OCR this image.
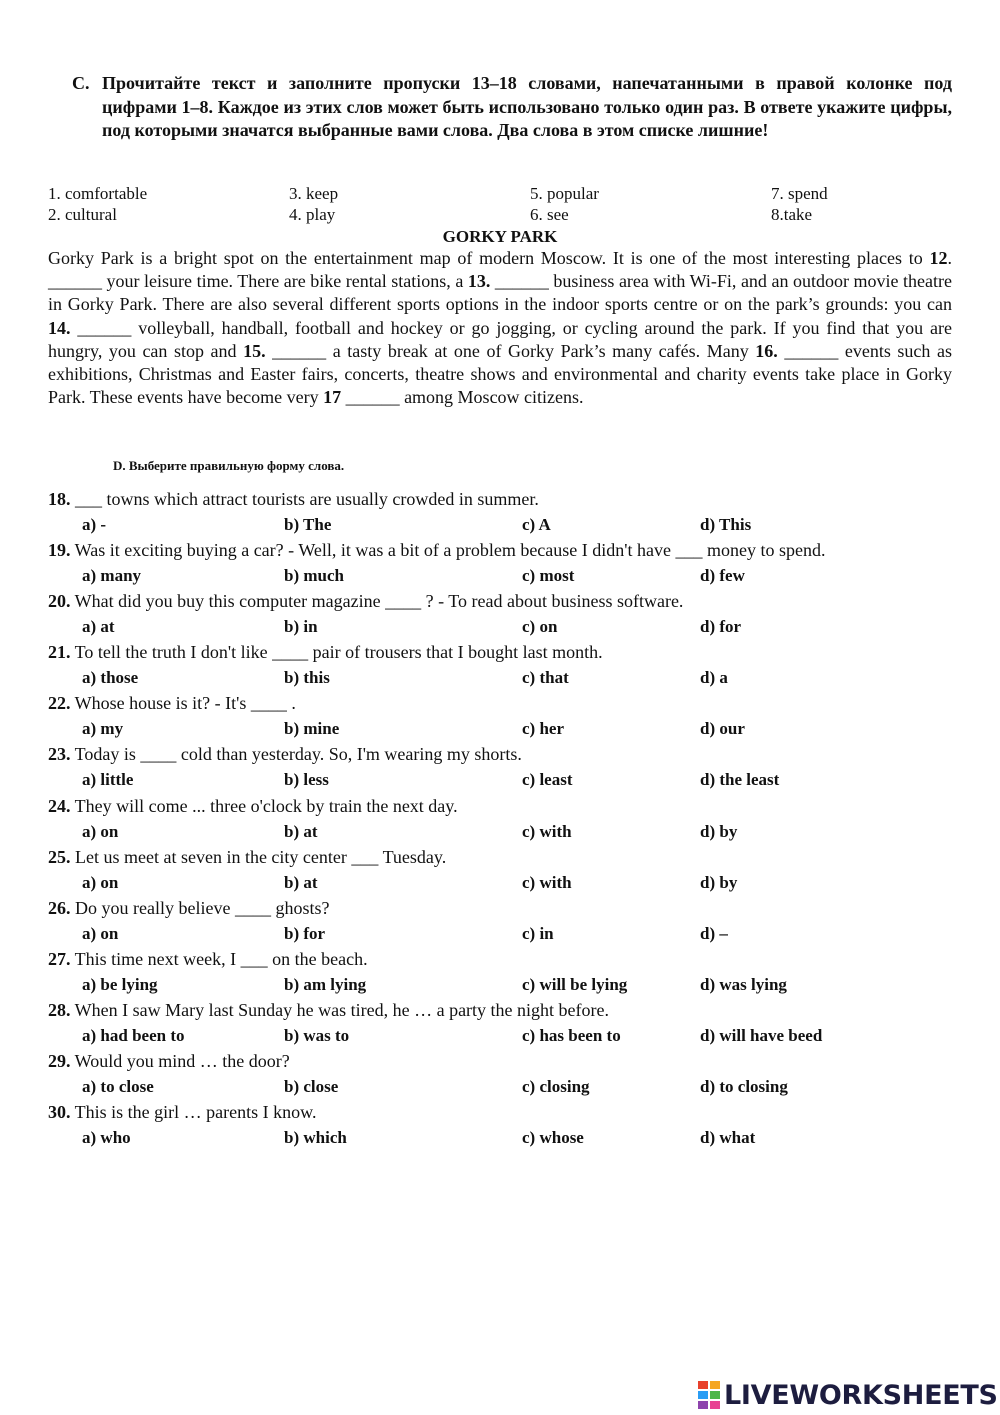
C. Прочитайте текст и заполните пропуски 13–18 словами, напечатанными в правой колонке под цифрами 1–8. Каждое из этих слов может быть использовано только один раз. В ответе укажите цифры, под которыми значатся выбранные вами слова. Два слова в этом списке лишние!
1. comfortable	3. keep	5. popular	7. spend
2. cultural	4. play	6. see	8.take
GORKY PARK
Gorky Park is a bright spot on the entertainment map of modern Moscow. It is one of the most interesting places to 12. ______ your leisure time. There are bike rental stations, a 13. ______ business area with Wi-Fi, and an outdoor movie theatre in Gorky Park. There are also several different sports options in the indoor sports centre or on the park’s grounds: you can 14. ______ volleyball, handball, football and hockey or go jogging, or cycling around the park. If you find that you are hungry, you can stop and 15. ______ a tasty break at one of Gorky Park’s many cafés. Many 16. ______ events such as exhibitions, Christmas and Easter fairs, concerts, theatre shows and environmental and charity events take place in Gorky Park. These events have become very 17 ______ among Moscow citizens.
D. Выберите правильную форму слова.
18. ___ towns which attract tourists are usually crowded in summer.
a) -	b) The	c) A	d) This
19. Was it exciting buying a car? - Well, it was a bit of a problem because I didn't have ___ money to spend.
a) many	b) much	c) most	d) few
20. What did you buy this computer magazine ____ ? - To read about business software.
a) at	b) in	c) on	d) for
21. To tell the truth I don't like ____ pair of trousers that I bought last month.
a) those	b) this	c) that	d) a
22. Whose house is it? - It's ____ .
a) my	b) mine	c) her	d) our
23. Today is ____ cold than yesterday. So, I'm wearing my shorts.
a) little	b) less	c) least	d) the least
24. They will come ... three o'clock by train the next day.
a) on	b) at	c) with	d) by
25. Let us meet at seven in the city center ___ Tuesday.
a) on	b) at	c) with	d) by
26. Do you really believe ____ ghosts?
a) on	b) for	c) in	d) –
27. This time next week, I ___ on the beach.
a) be lying	b) am lying	c) will be lying	d) was lying
28. When I saw Mary last Sunday he was tired, he … a party the night before.
a) had been to	b) was to	c) has been to	d) will have beed
29. Would you mind … the door?
a) to close	b) close	c) closing	d) to closing
30. This is the girl … parents I know.
a) who	b) which	c) whose	d) what
LIVEWORKSHEETS
